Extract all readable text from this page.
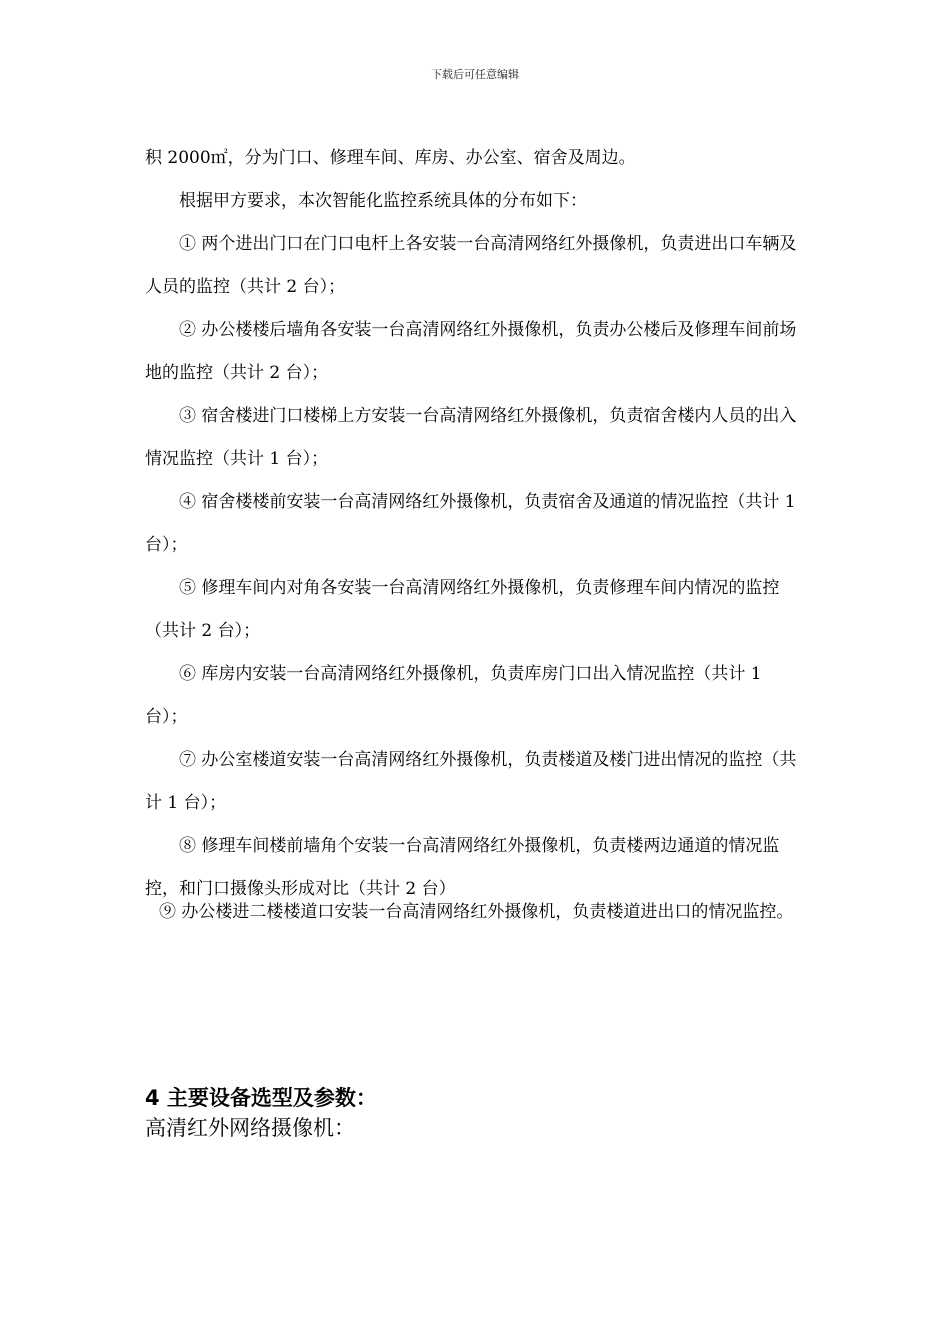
下载后可任意编辑

积 2000㎡，分为门口、修理车间、库房、办公室、宿舍及周边。

根据甲方要求，本次智能化监控系统具体的分布如下：

① 两个进出门口在门口电杆上各安装一台高清网络红外摄像机，负责进出口车辆及人员的监控（共计 2 台）；

② 办公楼楼后墙角各安装一台高清网络红外摄像机，负责办公楼后及修理车间前场地的监控（共计 2 台）；

③ 宿舍楼进门口楼梯上方安装一台高清网络红外摄像机，负责宿舍楼内人员的出入情况监控（共计 1 台）；

④ 宿舍楼楼前安装一台高清网络红外摄像机，负责宿舍及通道的情况监控（共计 1 台）；

⑤ 修理车间内对角各安装一台高清网络红外摄像机，负责修理车间内情况的监控（共计 2 台）；

⑥ 库房内安装一台高清网络红外摄像机，负责库房门口出入情况监控（共计 1 台）；

⑦ 办公室楼道安装一台高清网络红外摄像机，负责楼道及楼门进出情况的监控（共计 1 台）；

⑧ 修理车间楼前墙角个安装一台高清网络红外摄像机，负责楼两边通道的情况监控，和门口摄像头形成对比（共计 2 台）

⑨ 办公楼进二楼楼道口安装一台高清网络红外摄像机，负责楼道进出口的情况监控。

4 主要设备选型及参数：

高清红外网络摄像机：
